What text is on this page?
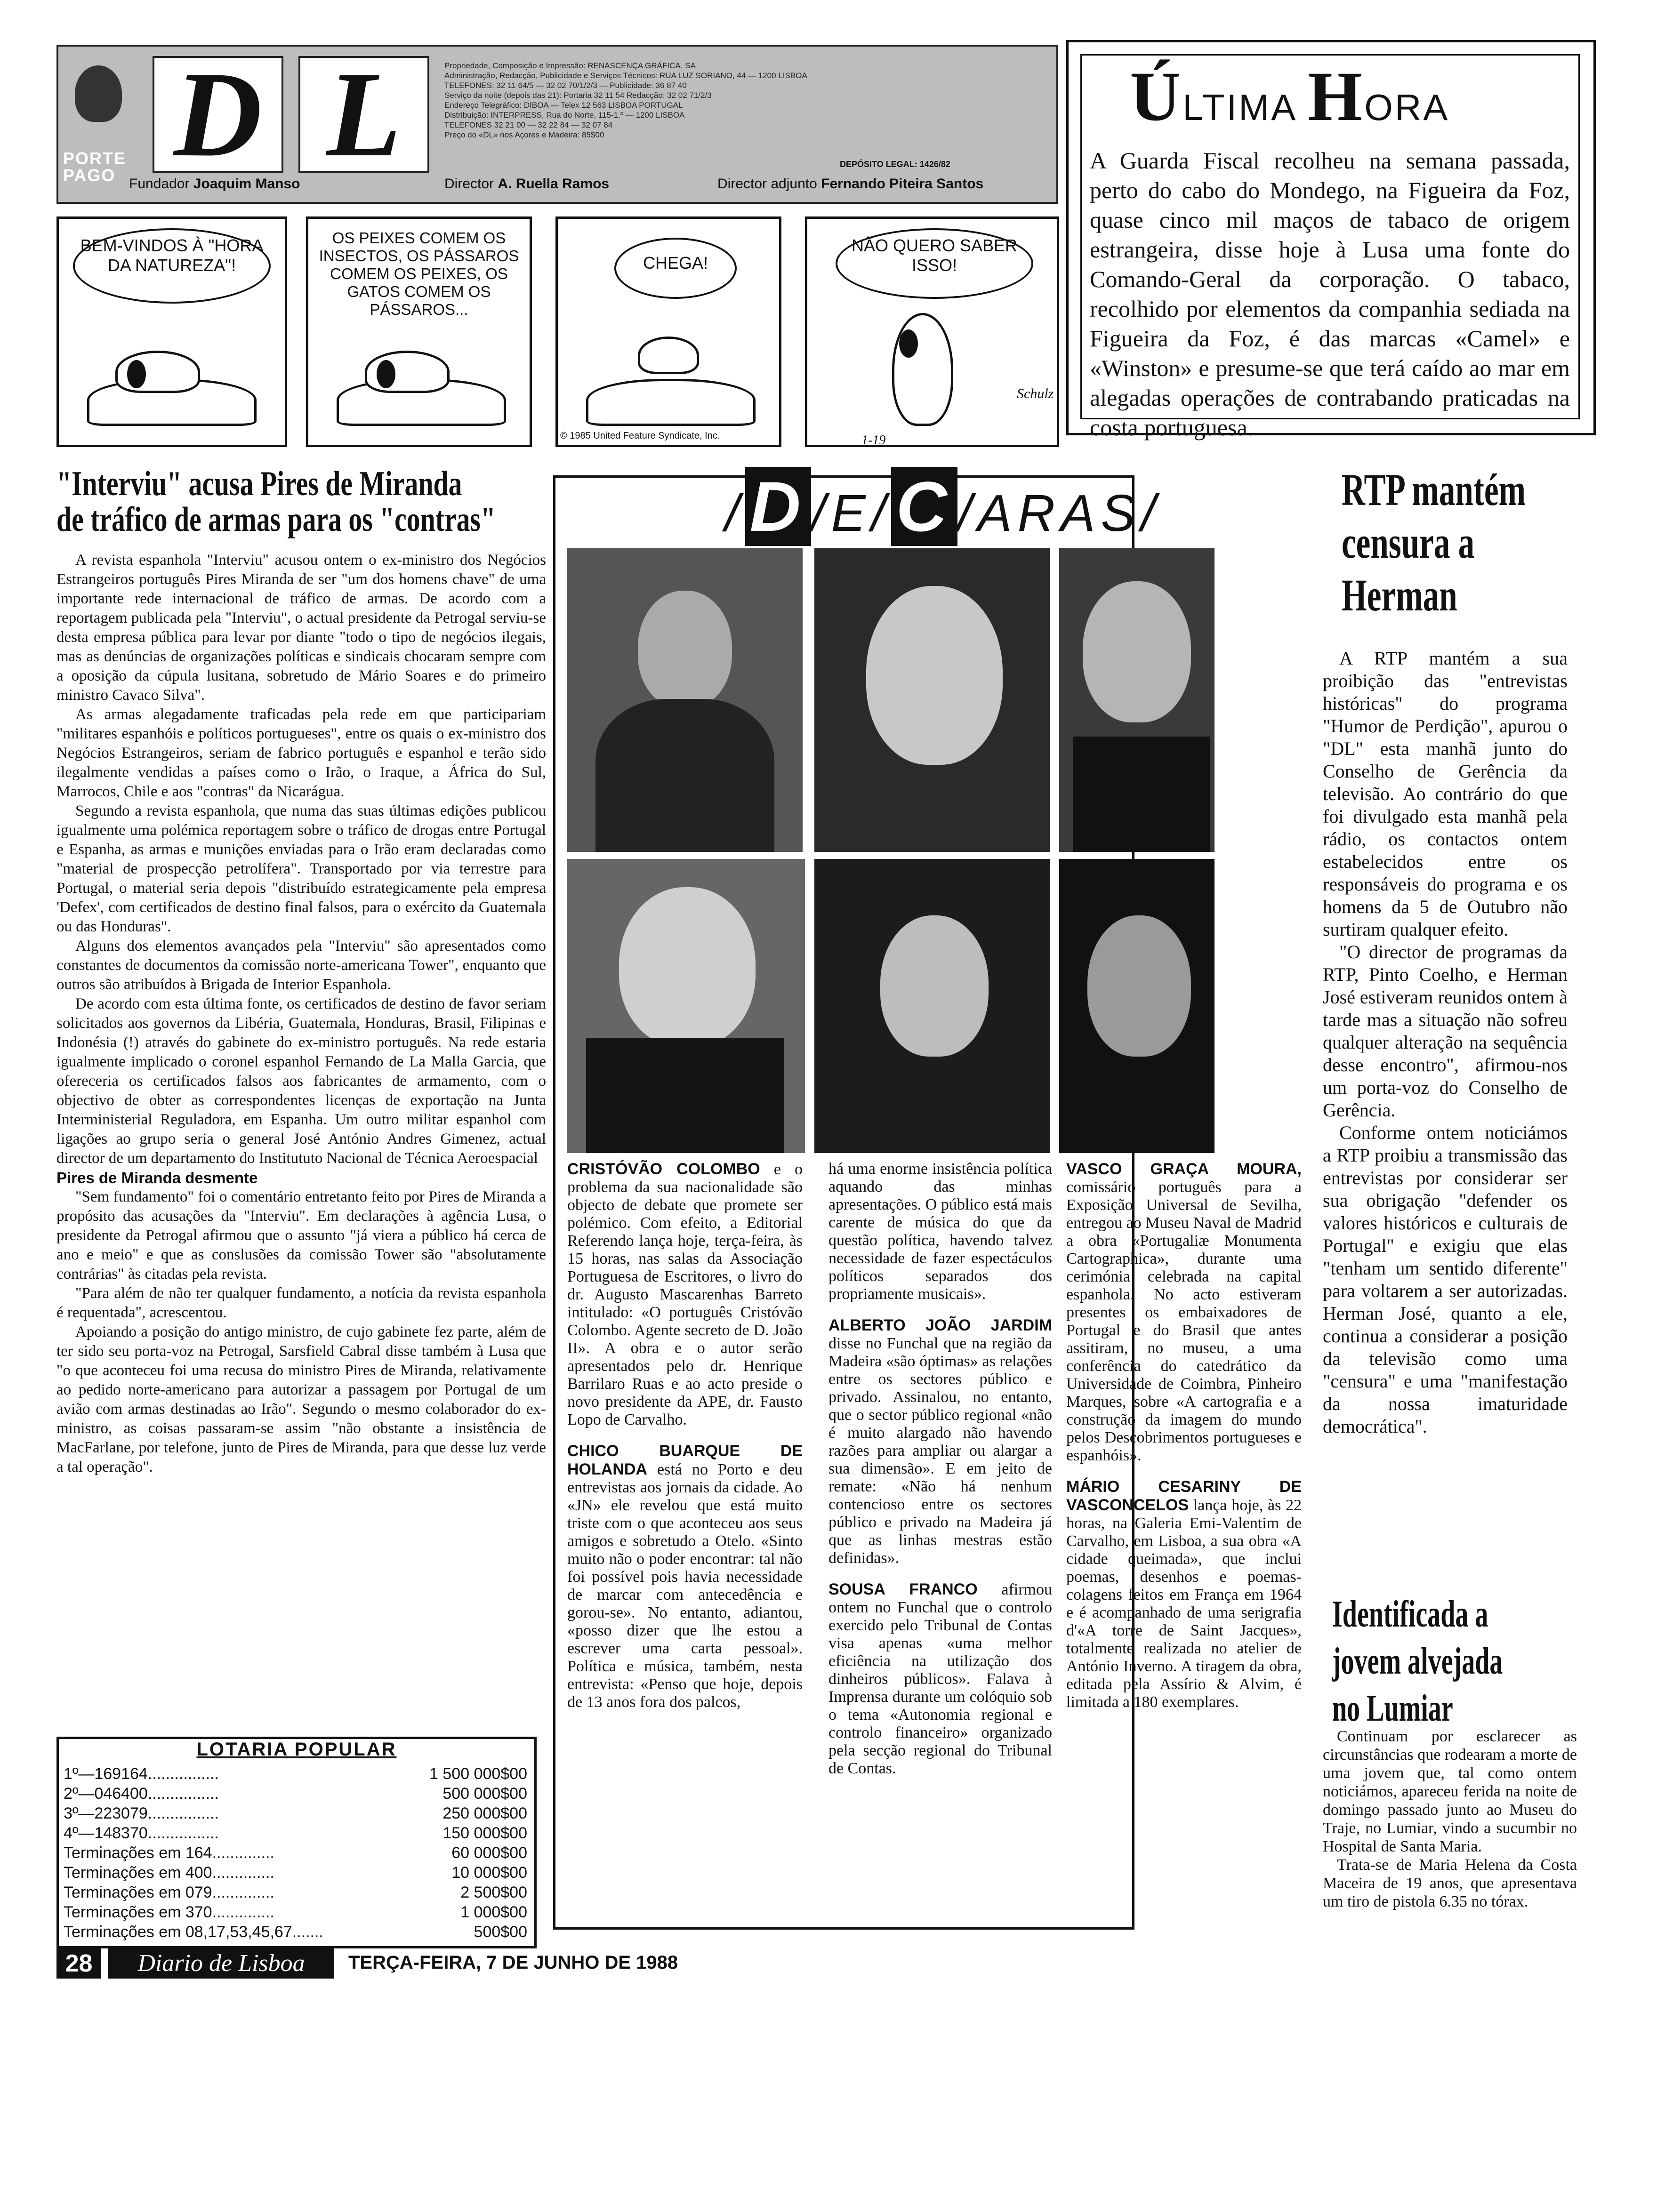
PORTE PAGO D L	Propriedade, Composição e Impressão: RENASCENÇA GRÁFICA, SA
Administração, Redacção, Publicidade e Serviços Técnicos: RUA LUZ SORIANO, 44 — 1200 LISBOA
TELEFONES: 32 11 64/5 — 32 02 70/1/2/3 — Publicidade: 36 87 40
Serviço da noite (depois das 21): Portaria 32 11 54 Redacção: 32 02 71/2/3
Endereço Telegráfico: DIBOA — Telex 12 563 LISBOA PORTUGAL
Distribuição: INTERPRESS, Rua do Norte, 115-1.º — 1200 LISBOA
TELEFONES 32 21 00 — 32 22 84 — 32 07 84
Preço do «DL» nos Açores e Madeira: 85$00
DEPÓSITO LEGAL: 1426/82
Fundador Joaquim Manso	Director A. Ruella Ramos	Director adjunto Fernando Piteira Santos
ÚLTIMA HORA
A Guarda Fiscal recolheu na semana passada, perto do cabo do Mondego, na Figueira da Foz, quase cinco mil maços de tabaco de origem estrangeira, disse hoje à Lusa uma fonte do Comando-Geral da corporação. O tabaco, recolhido por elementos da companhia sediada na Figueira da Foz, é das marcas «Camel» e «Winston» e presume-se que terá caído ao mar em alegadas operações de contrabando praticadas na costa portuguesa.
BEM-VINDOS À "HORA DA NATUREZA"!
OS PEIXES COMEM OS INSECTOS, OS PÁSSAROS COMEM OS PEIXES, OS GATOS COMEM OS PÁSSAROS...
CHEGA!
NÃO QUERO SABER ISSO!
© 1985 United Feature Syndicate, Inc.
Schulz
1-19
"Interviu" acusa Pires de Miranda
de tráfico de armas para os "contras"

A revista espanhola "Interviu" acusou ontem o ex-ministro dos Negócios Estrangeiros português Pires Miranda de ser "um dos homens chave" de uma importante rede internacional de tráfico de armas. De acordo com a reportagem publicada pela "Interviu", o actual presidente da Petrogal serviu-se desta empresa pública para levar por diante "todo o tipo de negócios ilegais, mas as denúncias de organizações políticas e sindicais chocaram sempre com a oposição da cúpula lusitana, sobretudo de Mário Soares e do primeiro ministro Cavaco Silva".

As armas alegadamente traficadas pela rede em que participariam "militares espanhóis e políticos portugueses", entre os quais o ex-ministro dos Negócios Estrangeiros, seriam de fabrico português e espanhol e terão sido ilegalmente vendidas a países como o Irão, o Iraque, a África do Sul, Marrocos, Chile e aos "contras" da Nicarágua.

Segundo a revista espanhola, que numa das suas últimas edições publicou igualmente uma polémica reportagem sobre o tráfico de drogas entre Portugal e Espanha, as armas e munições enviadas para o Irão eram declaradas como "material de prospecção petrolífera". Transportado por via terrestre para Portugal, o material seria depois "distribuído estrategicamente pela empresa 'Defex', com certificados de destino final falsos, para o exército da Guatemala ou das Honduras".

Alguns dos elementos avançados pela "Interviu" são apresentados como constantes de documentos da comissão norte-americana Tower", enquanto que outros são atribuídos à Brigada de Interior Espanhola.

De acordo com esta última fonte, os certificados de destino de favor seriam solicitados aos governos da Libéria, Guatemala, Honduras, Brasil, Filipinas e Indonésia (!) através do gabinete do ex-ministro português. Na rede estaria igualmente implicado o coronel espanhol Fernando de La Malla Garcia, que ofereceria os certificados falsos aos fabricantes de armamento, com o objectivo de obter as correspondentes licenças de exportação na Junta Interministerial Reguladora, em Espanha. Um outro militar espanhol com ligações ao grupo seria o general José António Andres Gimenez, actual director de um departamento do Institututo Nacional de Técnica Aeroespacial

Pires de Miranda desmente

"Sem fundamento" foi o comentário entretanto feito por Pires de Miranda a propósito das acusações da "Interviu". Em declarações à agência Lusa, o presidente da Petrogal afirmou que o assunto "já viera a público há cerca de ano e meio" e que as conslusões da comissão Tower são "absolutamente contrárias" às citadas pela revista.

"Para além de não ter qualquer fundamento, a notícia da revista espanhola é requentada", acrescentou.

Apoiando a posição do antigo ministro, de cujo gabinete fez parte, além de ter sido seu porta-voz na Petrogal, Sarsfield Cabral disse também à Lusa que "o que aconteceu foi uma recusa do ministro Pires de Miranda, relativamente ao pedido norte-americano para autorizar a passagem por Portugal de um avião com armas destinadas ao Irão". Segundo o mesmo colaborador do ex-ministro, as coisas passaram-se assim "não obstante a insistência de MacFarlane, por telefone, junto de Pires de Miranda, para que desse luz verde a tal operação".

LOTARIA POPULAR
1º—169164................	1 500 000$00
2º—046400................	500 000$00
3º—223079................	250 000$00
4º—148370................	150 000$00
Terminações em 164..............	60 000$00
Terminações em 400..............	10 000$00
Terminações em 079..............	2 500$00
Terminações em 370..............	1 000$00
Terminações em 08,17,53,45,67.......	500$00
/D/E/C/ARAS/

CRISTÓVÃO COLOMBO e o problema da sua nacionalidade são objecto de debate que promete ser polémico. Com efeito, a Editorial Referendo lança hoje, terça-feira, às 15 horas, nas salas da Associação Portuguesa de Escritores, o livro do dr. Augusto Mascarenhas Barreto intitulado: «O português Cristóvão Colombo. Agente secreto de D. João II». A obra e o autor serão apresentados pelo dr. Henrique Barrilaro Ruas e ao acto preside o novo presidente da APE, dr. Fausto Lopo de Carvalho.

CHICO BUARQUE DE HOLANDA está no Porto e deu entrevistas aos jornais da cidade. Ao «JN» ele revelou que está muito triste com o que aconteceu aos seus amigos e sobretudo a Otelo. «Sinto muito não o poder encontrar: tal não foi possível pois havia necessidade de marcar com antecedência e gorou-se». No entanto, adiantou, «posso dizer que lhe estou a escrever uma carta pessoal». Política e música, também, nesta entrevista: «Penso que hoje, depois de 13 anos fora dos palcos,

há uma enorme insistência política aquando das minhas apresentações. O público está mais carente de música do que da questão política, havendo talvez necessidade de fazer espectáculos políticos separados dos propriamente musicais».

ALBERTO JOÃO JARDIM disse no Funchal que na região da Madeira «são óptimas» as relações entre os sectores público e privado. Assinalou, no entanto, que o sector público regional «não é muito alargado não havendo razões para ampliar ou alargar a sua dimensão». E em jeito de remate: «Não há nenhum contencioso entre os sectores público e privado na Madeira já que as linhas mestras estão definidas».

SOUSA FRANCO afirmou ontem no Funchal que o controlo exercido pelo Tribunal de Contas visa apenas «uma melhor eficiência na utilização dos dinheiros públicos». Falava à Imprensa durante um colóquio sob o tema «Autonomia regional e controlo financeiro» organizado pela secção regional do Tribunal de Contas.

VASCO GRAÇA MOURA, comissário português para a Exposição Universal de Sevilha, entregou ao Museu Naval de Madrid a obra «Portugaliæ Monumenta Cartographica», durante uma cerimónia celebrada na capital espanhola. No acto estiveram presentes os embaixadores de Portugal e do Brasil que antes assitiram, no museu, a uma conferência do catedrático da Universidade de Coimbra, Pinheiro Marques, sobre «A cartografia e a construção da imagem do mundo pelos Descobrimentos portugueses e espanhóis».

MÁRIO CESARINY DE VASCONCELOS lança hoje, às 22 horas, na Galeria Emi-Valentim de Carvalho, em Lisboa, a sua obra «A cidade queimada», que inclui poemas, desenhos e poemas-colagens feitos em França em 1964 e é acompanhado de uma serigrafia d'«A torre de Saint Jacques», totalmente realizada no atelier de António Inverno. A tiragem da obra, editada pela Assírio & Alvim, é limitada a 180 exemplares.

RTP mantém censura a Herman

A RTP mantém a sua proibição das "entrevistas históricas" do programa "Humor de Perdição", apurou o "DL" esta manhã junto do Conselho de Gerência da televisão. Ao contrário do que foi divulgado esta manhã pela rádio, os contactos ontem estabelecidos entre os responsáveis do programa e os homens da 5 de Outubro não surtiram qualquer efeito.

"O director de programas da RTP, Pinto Coelho, e Herman José estiveram reunidos ontem à tarde mas a situação não sofreu qualquer alteração na sequência desse encontro", afirmou-nos um porta-voz do Conselho de Gerência.

Conforme ontem noticiámos a RTP proibiu a transmissão das entrevistas por considerar ser sua obrigação "defender os valores históricos e culturais de Portugal" e exigiu que elas "tenham um sentido diferente" para voltarem a ser autorizadas. Herman José, quanto a ele, continua a considerar a posição da televisão como uma "censura" e uma "manifestação da nossa imaturidade democrática".

Identificada a jovem alvejada no Lumiar

Continuam por esclarecer as circunstâncias que rodearam a morte de uma jovem que, tal como ontem noticiámos, apareceu ferida na noite de domingo passado junto ao Museu do Traje, no Lumiar, vindo a sucumbir no Hospital de Santa Maria.

Trata-se de Maria Helena da Costa Maceira de 19 anos, que apresentava um tiro de pistola 6.35 no tórax.

28	Diario de Lisboa	TERÇA-FEIRA, 7 DE JUNHO DE 1988
